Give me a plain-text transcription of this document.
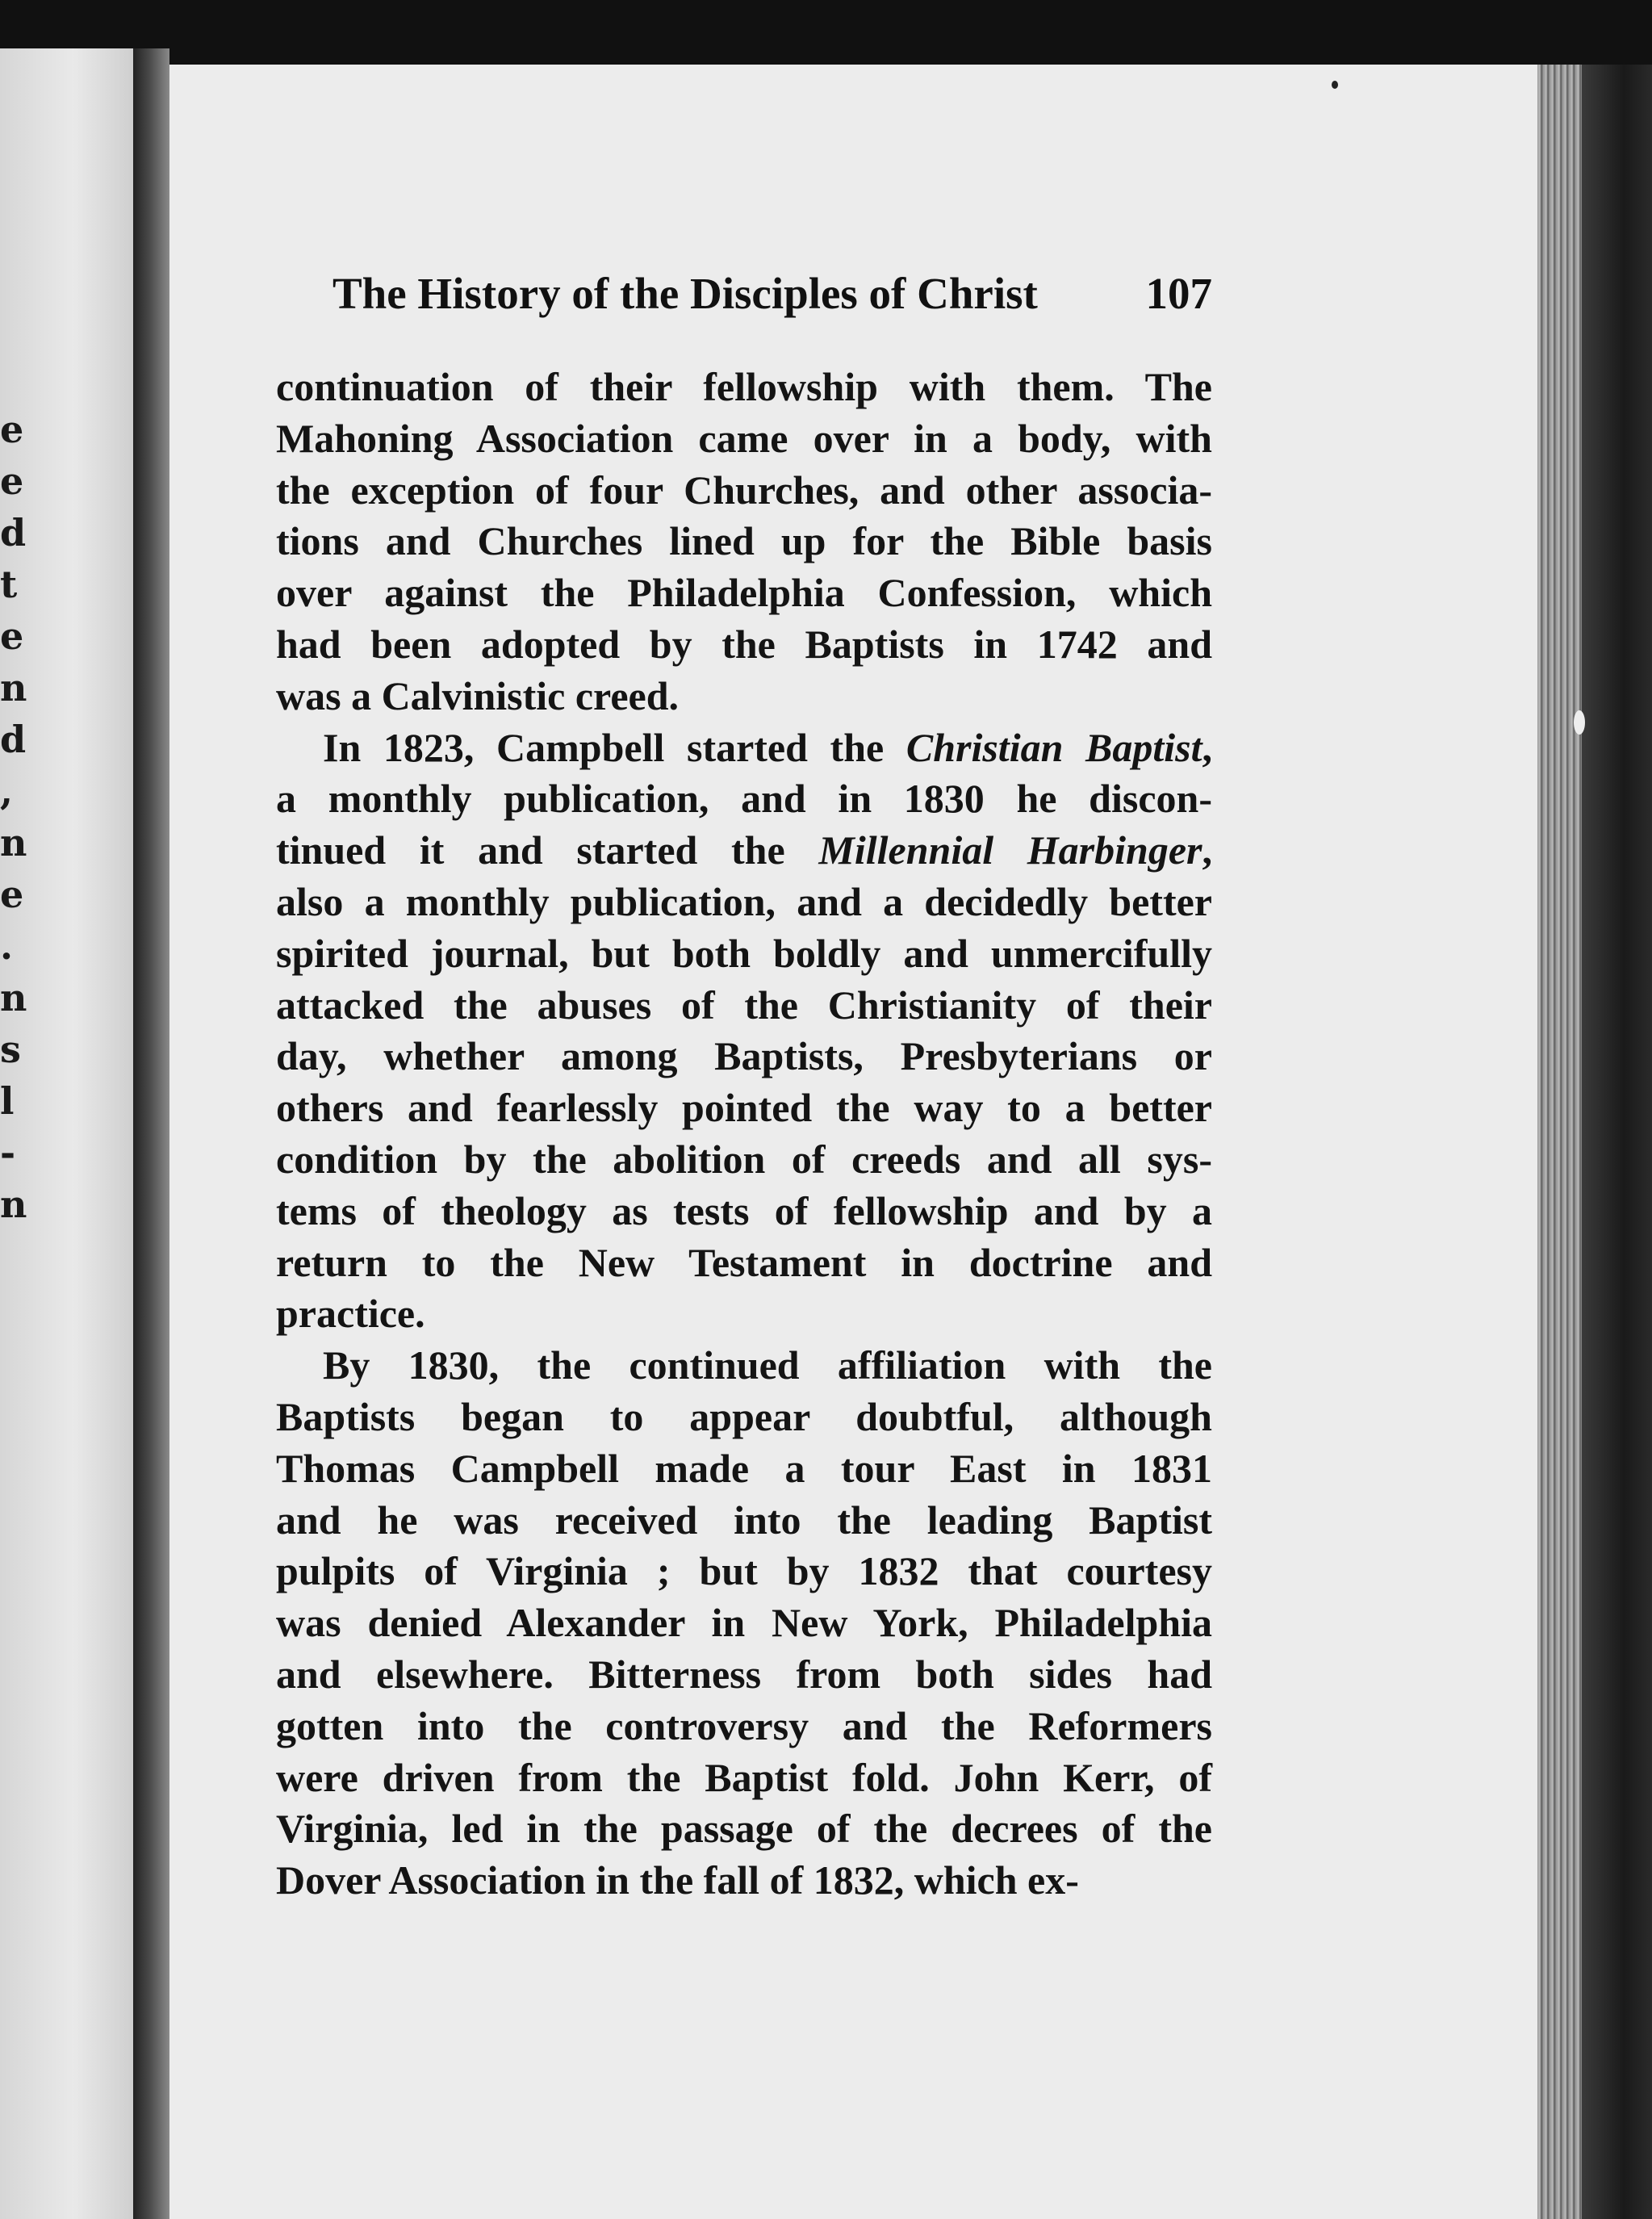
e
e
d
t
e
n
d
,
n
e
.
n
s
l
-
n
The History of the Disciples of Christ 107
continuation of their fellowship with them. The
Mahoning Association came over in a body, with
the exception of four Churches, and other associa-
tions and Churches lined up for the Bible basis
over against the Philadelphia Confession, which
had been adopted by the Baptists in 1742 and
was a Calvinistic creed.
In 1823, Campbell started the Christian Baptist,
a monthly publication, and in 1830 he discon-
tinued it and started the Millennial Harbinger,
also a monthly publication, and a decidedly better
spirited journal, but both boldly and unmercifully
attacked the abuses of the Christianity of their
day, whether among Baptists, Presbyterians or
others and fearlessly pointed the way to a better
condition by the abolition of creeds and all sys-
tems of theology as tests of fellowship and by a
return to the New Testament in doctrine and
practice.
By 1830, the continued affiliation with the
Baptists began to appear doubtful, although
Thomas Campbell made a tour East in 1831
and he was received into the leading Baptist
pulpits of Virginia ; but by 1832 that courtesy
was denied Alexander in New York, Philadelphia
and elsewhere. Bitterness from both sides had
gotten into the controversy and the Reformers
were driven from the Baptist fold. John Kerr, of
Virginia, led in the passage of the decrees of the
Dover Association in the fall of 1832, which ex-
